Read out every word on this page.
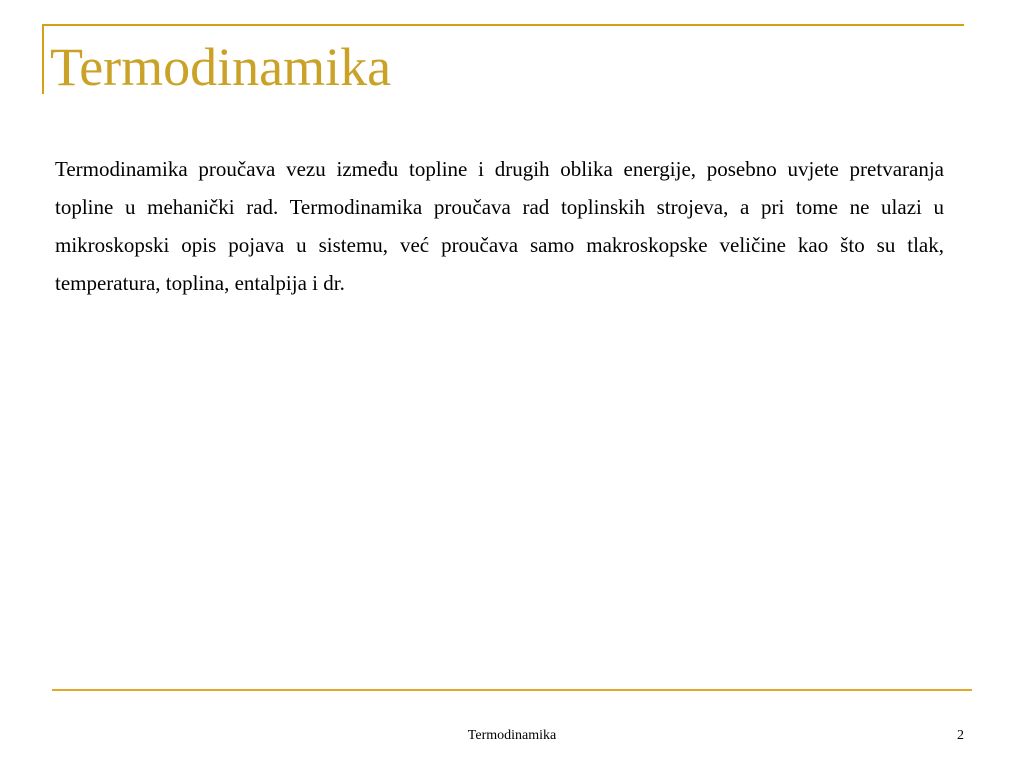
Termodinamika

Termodinamika proučava vezu između topline i drugih oblika energije, posebno uvjete pretvaranja topline u mehanički rad. Termodinamika proučava rad toplinskih strojeva, a pri tome ne ulazi u mikroskopski opis pojava u sistemu, već proučava samo makroskopske veličine kao što su tlak, temperatura, toplina, entalpija i dr.

Termodinamika	2
